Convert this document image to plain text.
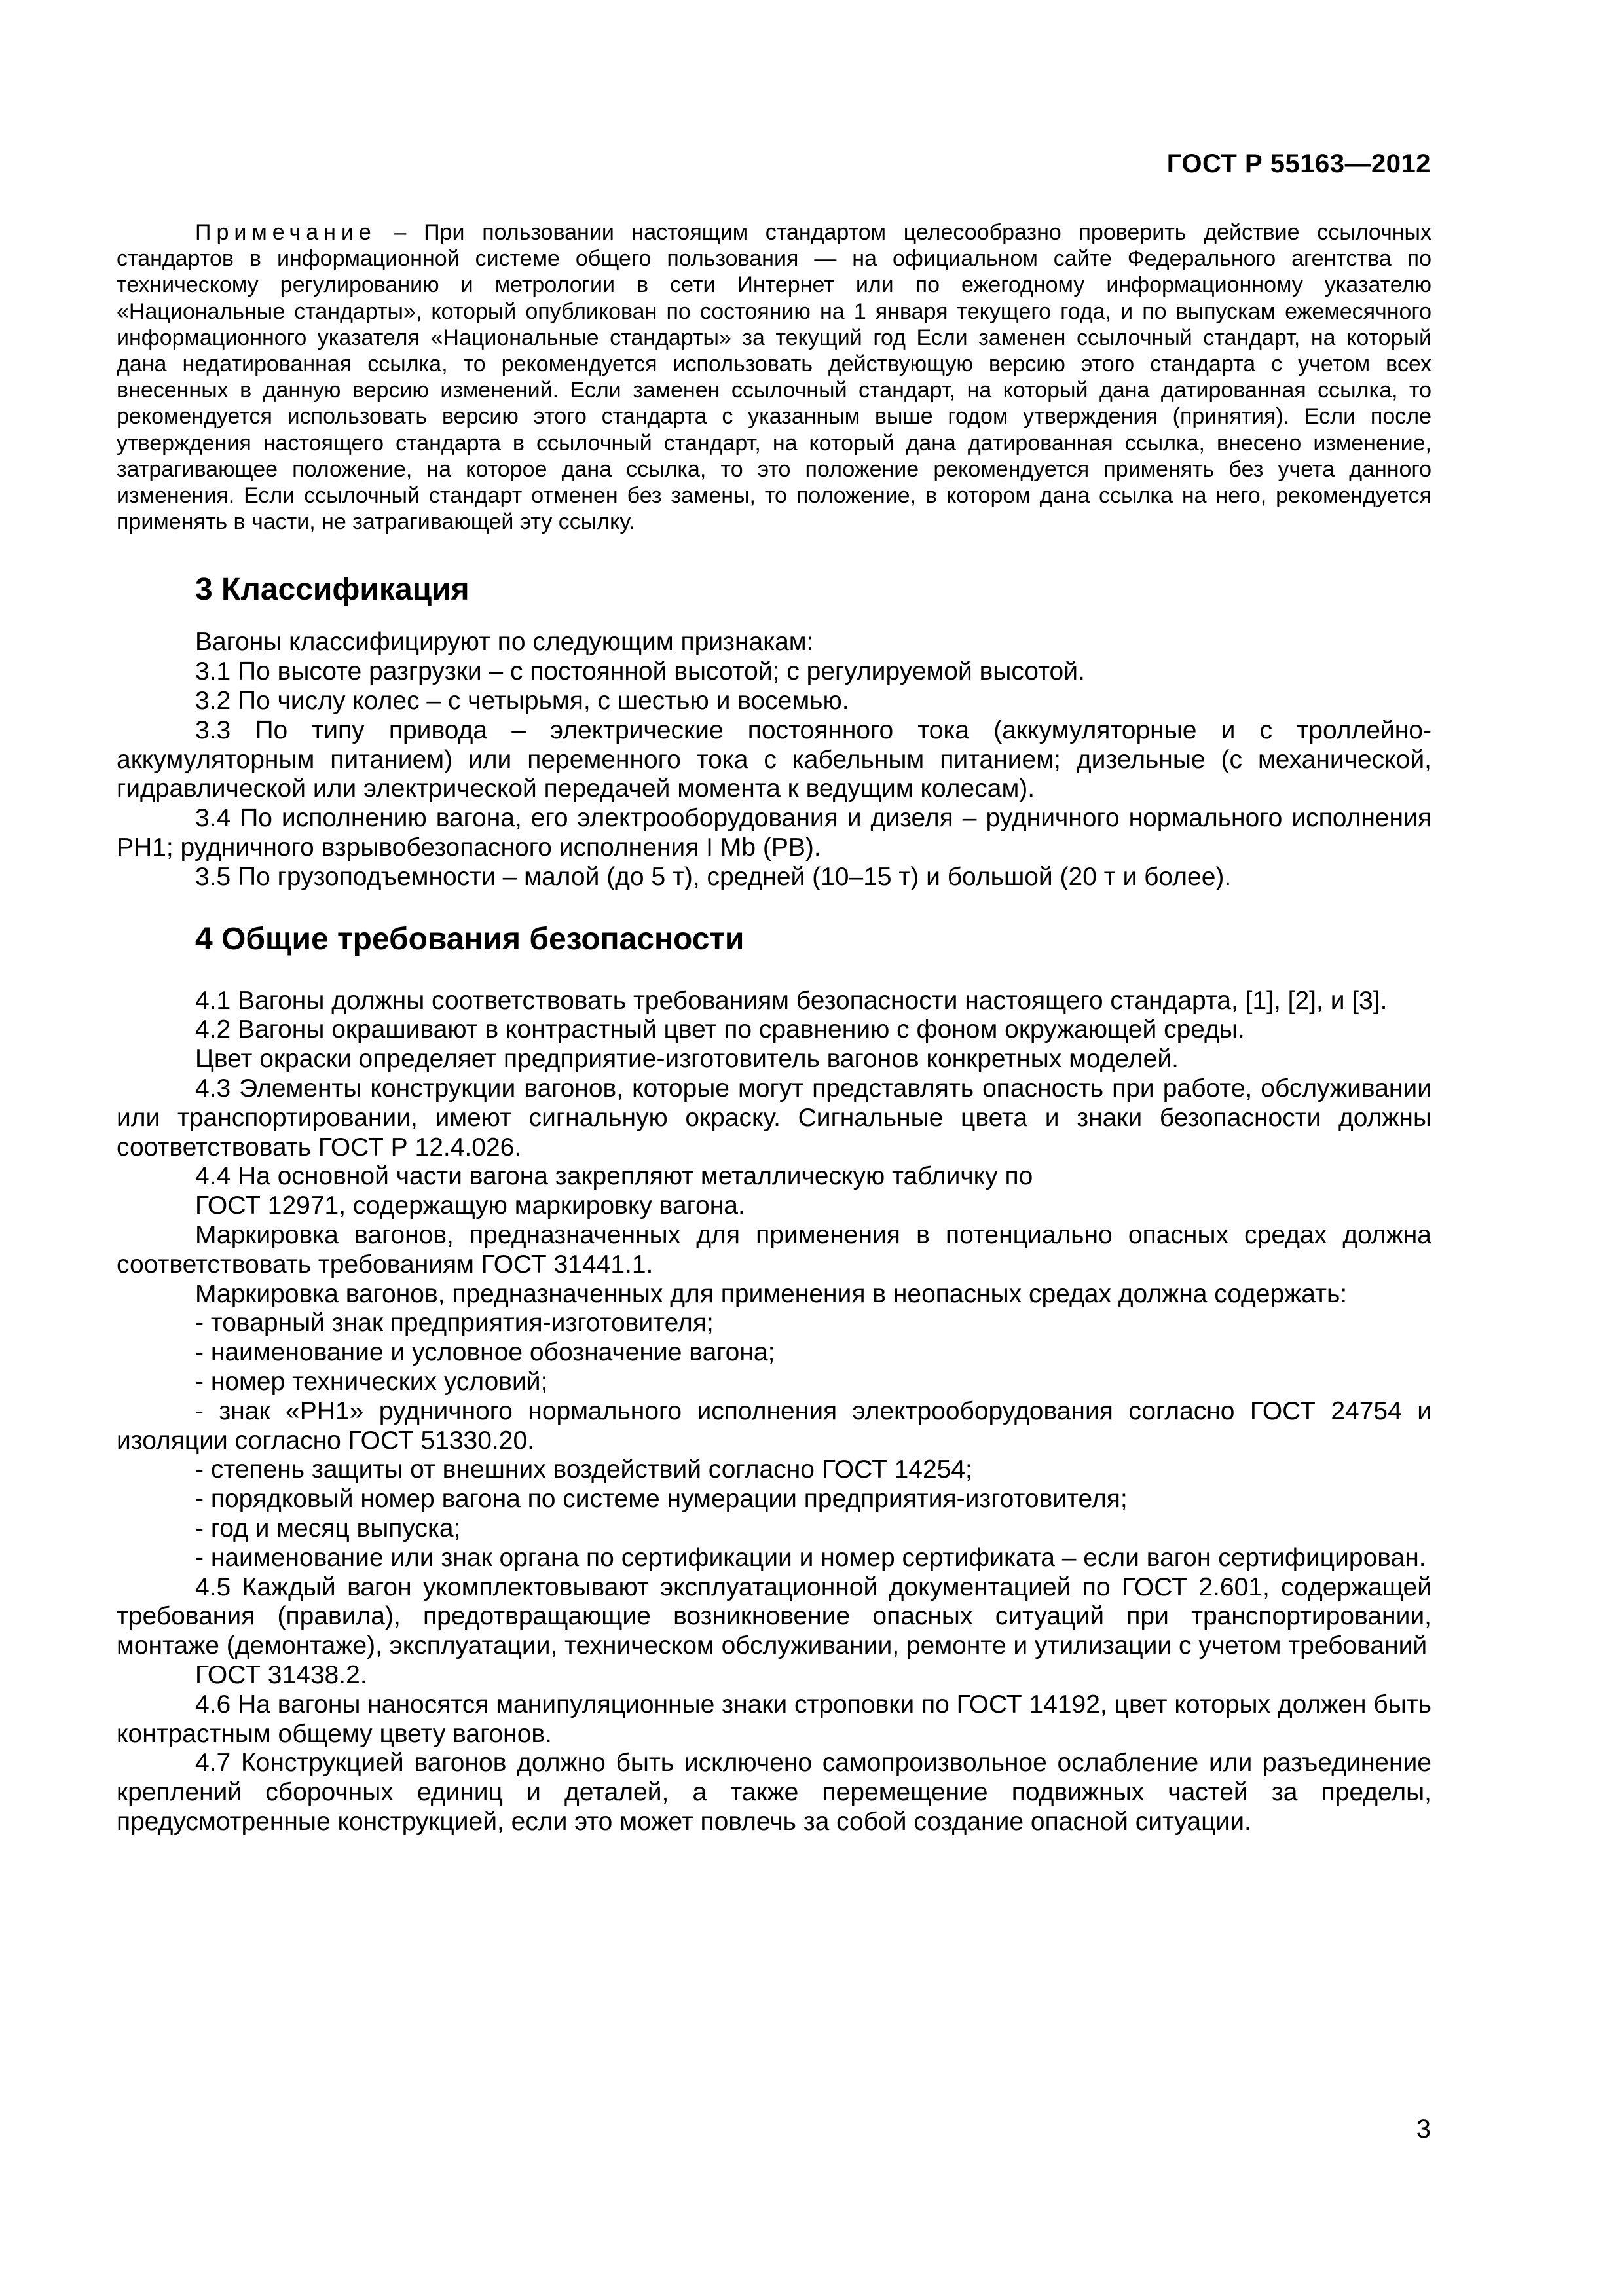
ГОСТ Р 55163—2012

Примечание – При пользовании настоящим стандартом целесообразно проверить действие ссылочных стандартов в информационной системе общего пользования — на официальном сайте Федерального агентства по техническому регулированию и метрологии в сети Интернет или по ежегодному информационному указателю «Национальные стандарты», который опубликован по состоянию на 1 января текущего года, и по выпускам ежемесячного информационного указателя «Национальные стандарты» за текущий год Если заменен ссылочный стандарт, на который дана недатированная ссылка, то рекомендуется использовать действующую версию этого стандарта с учетом всех внесенных в данную версию изменений. Если заменен ссылочный стандарт, на который дана датированная ссылка, то рекомендуется использовать версию этого стандарта с указанным выше годом утверждения (принятия). Если после утверждения настоящего стандарта в ссылочный стандарт, на который дана датированная ссылка, внесено изменение, затрагивающее положение, на которое дана ссылка, то это положение рекомендуется применять без учета данного изменения. Если ссылочный стандарт отменен без замены, то положение, в котором дана ссылка на него, рекомендуется применять в части, не затрагивающей эту ссылку.

3 Классификация

Вагоны классифицируют по следующим признакам:

3.1 По высоте разгрузки – с постоянной высотой; с регулируемой высотой.

3.2 По числу колес – с четырьмя, с шестью и восемью.

3.3 По типу привода – электрические постоянного тока (аккумуляторные и с троллейно-аккумуляторным питанием) или переменного тока с кабельным питанием; дизельные (с механической, гидравлической или электрической передачей момента к ведущим колесам).

3.4 По исполнению вагона, его электрооборудования и дизеля – рудничного нормального исполнения РН1; рудничного взрывобезопасного исполнения I Mb (РВ).

3.5 По грузоподъемности – малой (до 5 т), средней (10–15 т) и большой (20 т и более).

4 Общие требования безопасности

4.1 Вагоны должны соответствовать требованиям безопасности настоящего стандарта, [1], [2], и [3].

4.2 Вагоны окрашивают в контрастный цвет по сравнению с фоном окружающей среды.

Цвет окраски определяет предприятие-изготовитель вагонов конкретных моделей.

4.3 Элементы конструкции вагонов, которые могут представлять опасность при работе, обслуживании или транспортировании, имеют сигнальную окраску. Сигнальные цвета и знаки безопасности должны соответствовать ГОСТ Р 12.4.026.

4.4 На основной части вагона закрепляют металлическую табличку по

ГОСТ 12971, содержащую маркировку вагона.

Маркировка вагонов, предназначенных для применения в потенциально опасных средах должна соответствовать требованиям ГОСТ 31441.1.

Маркировка вагонов, предназначенных для применения в неопасных средах должна содержать:

- товарный знак предприятия-изготовителя;

- наименование и условное обозначение вагона;

- номер технических условий;

- знак «РН1» рудничного нормального исполнения электрооборудования согласно ГОСТ 24754 и изоляции согласно ГОСТ 51330.20.

- степень защиты от внешних воздействий согласно ГОСТ 14254;

- порядковый номер вагона по системе нумерации предприятия-изготовителя;

- год и месяц выпуска;

- наименование или знак органа по сертификации и номер сертификата – если вагон сертифицирован.

4.5 Каждый вагон укомплектовывают эксплуатационной документацией по ГОСТ 2.601, содержащей требования (правила), предотвращающие возникновение опасных ситуаций при транспортировании, монтаже (демонтаже), эксплуатации, техническом обслуживании, ремонте и утилизации с учетом требований

ГОСТ 31438.2.

4.6 На вагоны наносятся манипуляционные знаки строповки по ГОСТ 14192, цвет которых должен быть контрастным общему цвету вагонов.

4.7 Конструкцией вагонов должно быть исключено самопроизвольное ослабление или разъединение креплений сборочных единиц и деталей, а также перемещение подвижных частей за пределы, предусмотренные конструкцией, если это может повлечь за собой создание опасной ситуации.

3
